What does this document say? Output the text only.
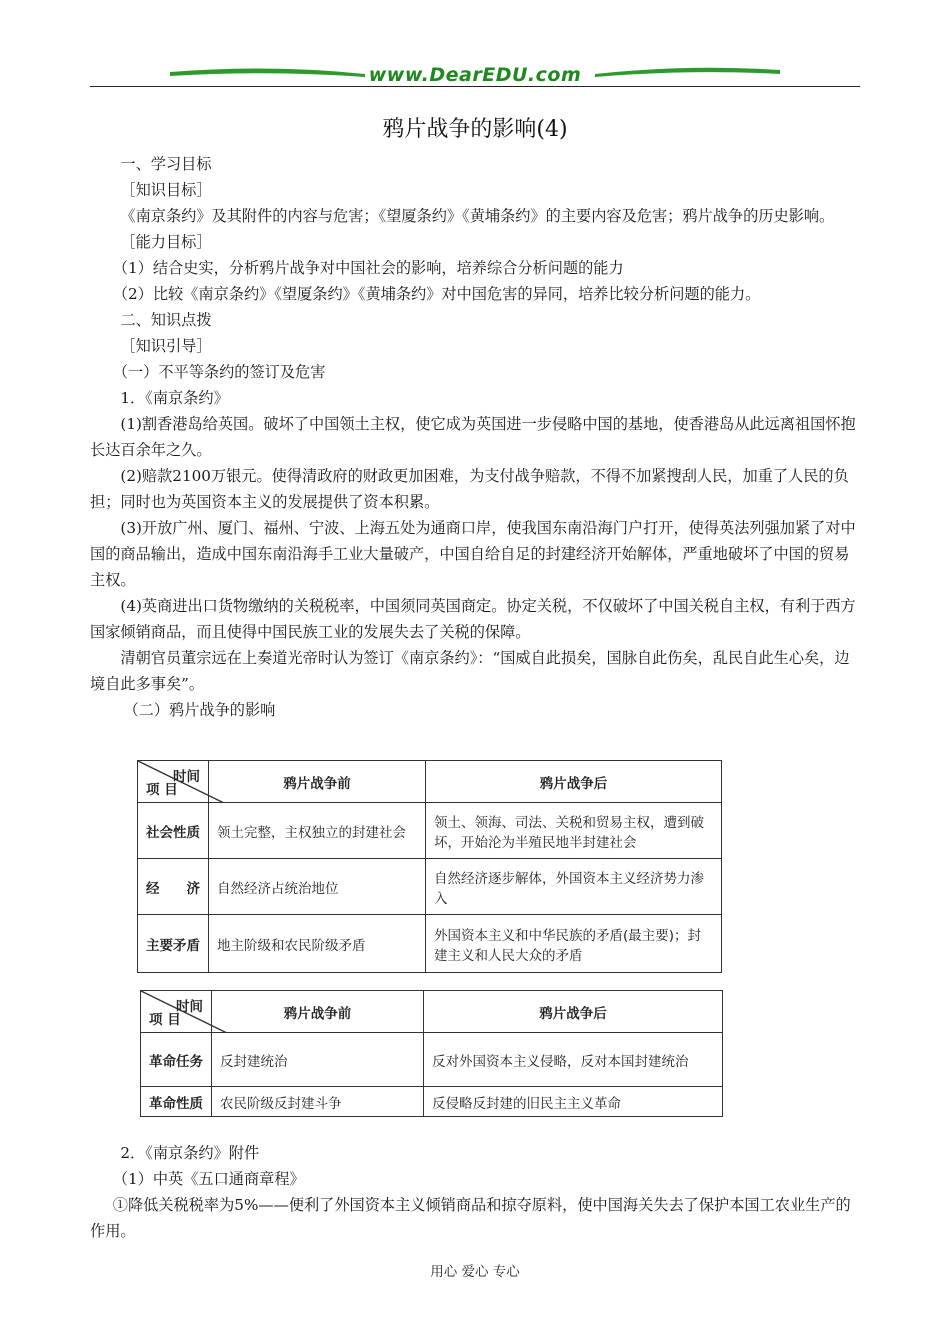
www.DearEDU.com
鸦片战争的影响(4)

一、学习目标

［知识目标］

《南京条约》及其附件的内容与危害；《望厦条约》《黄埔条约》的主要内容及危害；鸦片战争的历史影响。

［能力目标］

（1）结合史实，分析鸦片战争对中国社会的影响，培养综合分析问题的能力

（2）比较《南京条约》《望厦条约》《黄埔条约》对中国危害的异同，培养比较分析问题的能力。

二、知识点拨

［知识引导］

（一）不平等条约的签订及危害

1．《南京条约》

(1)割香港岛给英国。破坏了中国领土主权，使它成为英国进一步侵略中国的基地，使香港岛从此远离祖国怀抱长达百余年之久。

(2)赔款2100万银元。使得清政府的财政更加困难，为支付战争赔款，不得不加紧搜刮人民，加重了人民的负担；同时也为英国资本主义的发展提供了资本积累。

(3)开放广州、厦门、福州、宁波、上海五处为通商口岸，使我国东南沿海门户打开，使得英法列强加紧了对中国的商品输出，造成中国东南沿海手工业大量破产，中国自给自足的封建经济开始解体，严重地破坏了中国的贸易主权。

(4)英商进出口货物缴纳的关税税率，中国须同英国商定。协定关税，不仅破坏了中国关税自主权，有利于西方国家倾销商品，而且使得中国民族工业的发展失去了关税的保障。

清朝官员董宗远在上奏道光帝时认为签订《南京条约》：“国威自此损矣，国脉自此伤矣，乱民自此生心矣，边境自此多事矣”。

（二）鸦片战争的影响

时间
项 目	鸦片战争前	鸦片战争后
社会性质	领土完整，主权独立的封建社会	领土、领海、司法、关税和贸易主权，遭到破坏，开始沦为半殖民地半封建社会
经　　济	自然经济占统治地位	自然经济逐步解体，外国资本主义经济势力渗入
主要矛盾	地主阶级和农民阶级矛盾	外国资本主义和中华民族的矛盾(最主要)；封建主义和人民大众的矛盾
时间
项 目	鸦片战争前	鸦片战争后
革命任务	反封建统治	反对外国资本主义侵略，反对本国封建统治
革命性质	农民阶级反封建斗争	反侵略反封建的旧民主主义革命

2．《南京条约》附件

（1）中英《五口通商章程》

①降低关税税率为5%——便利了外国资本主义倾销商品和掠夺原料，使中国海关失去了保护本国工农业生产的作用。

用心 爱心 专心
